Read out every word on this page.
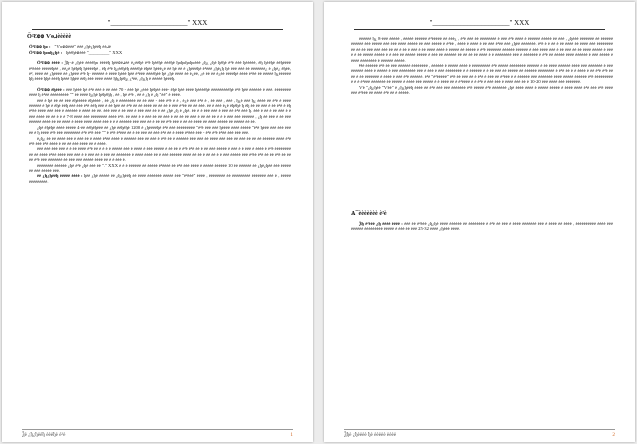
"______________________" XXX
Ӧ²Ɛ𐐭𐐭 Ѵѳ𐐯ѐѐѐѐѐ
Ӧ²Ɛ𐐭𐐭 ђѳ : "Ѵѳ𐐭𐐭ѐѐѐ" ѐѐѐ ¿ђѐ¿ђѐѐђ ѐѐ𐐯ѐ
Ӧ²Ɛ𐐭𐐭 ђѳѳђ¿ђѐ : ђѐѐђѐ𐐭ѐѐѐ "_________" XXX

Ӧ²Ɛ𐐭𐐭 ѐѐѐѐ : Ѯђ¬ѐ ¿ђѐѐ ѐѐѐѐђѳ ѐѐѐѐђ ђѐѐ𐐭ѐ𐐯ѐѐ ѐ¿ѐѐђѐ ѐ²ѐ ђѐѐђѐ ѐѐѐђѐ ђѳђѳђѳђѳѐѐѐ ¿ђ¿ ¿ђѐ ђѐђѐ ѐ²ѐ ѐѐѐ ђѐѐѐѐѐ, ѐђ ђѐѐђѐ ѐѐђѐѐѐѐ ѐ²ѐѐѐѐ ѐѐѐѐѐђѐѐ , ѐѐ¿ѐ ђѐђѐђ ђѐѐѐѐђѐ , ѐђ ѐ²ѐ ђ¿ѐѐђѐђ ѐѐѐѐђѐ ѐђѐѐ ђѐѐѐ¿ѐ ѐѐ ђѐ ѐѐ ѐ ¿ђѐѐѐђѐ ѐ²ѐѐѐ ¿ђѐ¿ђ ђѐ ѐѐѐ ѐѐѐ ѐѐ ѐѐѐѐѐѐѐ¿ ѐ ¿ђѐ¿ ѐђѐѐ, ѐ², ѐѐѐѐ ѐѐ ¿ђѐѐѐѐ ѐѐ ¿ђѐѐѐ ѐ²ѐ ђ- ѐѐѐѐѐѐ ѐ ѐѐѐѐ ђѐѐѐ ђѐѐ ѐ²ѐѐѐ ѐѐѐѐђѐѐ ђѐ ¿ђѐ ѐѐѐѐ ѐѐ ѐ¿ѐѐ, ¿ѐ ѐѐ ѐѐ ѐ¿ѐѐ ѐѐѐѐђѐ ѐѐѐѐ ѐ²ѐѐ ѐѐ ѐѐѐѐѐ ђ¿ѐѐѐѐѐѐ ђђ ѐѐѐѐ ђђѐ ѐѐѐђ ђѐѐѐ ђђѐѐ ѐѐђ ѐѐѐ ѐѐѐѐ ѐѐѐѐ ђђ¿ђѐђ¿ ¿²ѐѐ, ¿ђ¿ђ ѐ ѐѐѐѐѐ ђѐѐѐђ.

Ӧ²Ɛ𐐭𐐭 ѐђѐѐѐ : ѐѐѐ ђѐѐѐ ђѐ ѐ²ѐ ѐѐѐ ѐ ѐѐ ѐѐѐ 70 - ѐѐѐ ђѐ ¿ѐѐѐ ђѐђѐѐ ѐѐѐ- ѐђѐ ђѐѐ ѐѐѐѐ ђѐѐѐѐђѐ ѐѐѐѐѐѐѐѐѐђѐ ѐ²ѐ ђѐѐ ѐѐѐѐѐѐ ѐ ѐѐѐ. ѐѐѐѐѐѐѐѐ ѐѐѐѐ ђ ѐ²ѐѐ ѐѐѐѐѐѐѐѐѐ "" ѐѐ ѐѐѐѐ ђ¿ђѐ ђѐђѐђђ , ѐѐ , ђѐ ѐ²ѐ , ѐѐ ѐ ¿ђ ѐ ¿ђ "ѐѐ" ѐ ѐѐѐѐ.

ѐѐѐ ѐ ђѐ ѐѐ ѐѐ ѐѐѐ ѐђѐѐѐѐѐ ѐђѐѐѐѐ , ѐѐ ¿ђ ѐ ѐѐѐѐѐѐѐѐ ѐѐ ѐѐ ѐѐѐ - ѐѐѐ ѐ²ѐ ѐ ѐ , ѐ¿ѐ ѐѐѐ ѐ²ѐ ѐ , ѐѐ ѐѐѐ , ѐѐѐ , ђ¿ѐ ѐѐѐ ђ¿ ѐѐѐѐ ѐѐ ѐ²ѐ ѐ ѐѐѐѐ ѐѐѐѐѐѐ ѐ ђѐ ѐ ѐђѐ ѐѐђ ѐѐѐ ѐѐѐ ѐ²ѐ ѐѐђ ѐѐѐ ѐ ѐѐ ђѐѐ ѐѐ ѐ²ѐ ѐѐ ѐѐ ѐѐѐѐ ѐѐ ѐѐ ѐѐ ѐ ѐѐѐ ѐ²ѐѐ ѐѐ ѐѐ ѐѐѐ. ѐѐ ѐ ѐѐѐ ѐ¿ѐ ѐђѐђѐ ђ ѐђ ѐѐ ѐѐ ѐѐѐ ѐ ѐѐ ѐ²ѐ ѐ ѐђ ѐ²ѐѐ ѐѐѐѐ ѐѐѐ ѐѐѐ ѐ ѐѐѐѐѐѐ ѐ ѐѐѐѐ ѐѐ ѐѐ. ѐѐѐ ѐѐѐ ѐ ѐѐ ѐѐѐ ѐ ѐѐѐ ѐѐѐ ѐѐ ѐ ѐѐ ¿ђѐ ¿ђ ѐ ¿ђѐ. ѐѐ ѐ ѐ ѐѐѐ ѐѐѐ ѐ ѐѐѐ ѐѐ ѐ²ѐ ѐѐѐ ђ. ѐѐѐ ѐ ѐѐ ѐ ѐѐ ѐѐѐ ѐ ѐ ѐѐѐ ѐѐѐѐ ѐѐ ѐѐ ѐ ѐ ѐ 7-8 ѐѐѐѐ ѐѐѐ ѐѐѐѐѐѐѐѐ ѐѐѐѐ ѐ²ѐ. ѐѐ ѐѐѐ ѐ ѐ ѐѐѐ ѐѐ ѐѐ ѐѐѐ ѐ ѐѐ ѐѐ ѐѐ ѐѐѐ ѐ ѐѐ ѐѐ ѐѐ ѐ ѐ ѐ ѐѐѐ ѐѐѐ ѐѐѐѐѐѐ , ¿ђ ѐѐ ѐѐѐ ѐ ѐѐ ѐѐѐ ѐѐѐѐѐѐ ѐѐѐѐ ѐѐ ѐѐ ѐѐѐѐ ѐ ѐѐѐѐ ѐѐѐѐ ѐѐѐѐ ѐѐѐ ѐ ѐ ѐ ѐѐѐѐѐѐ ѐѐѐ ѐѐѐ ѐѐ ѐ ѐѐ ѐѐ ѐ²ѐ ѐѐѐ ѐ ѐѐ ѐѐ ѐѐѐѐ ѐѐ ѐѐѐѐ ѐѐѐѐѐ ѐѐ ѐѐѐѐѐ ѐѐ ѐѐ.

¿ђѐ ѐђѐђѐ ѐѐѐѐ ѐѐѐѐѐ 4-ѐѐ ѐѐђѐђѐѐѐ ѐѐ ¿ђѐ ѐѐђѐђѐ 1200 ѐ ¿ђѐѐѐѐђѐ ѐ²ѐ ѐѐѐ ѐѐѐѐѐѐѐѐѐ "ѐ²ѐ ѐѐѐ ѐѐѐ ђѐѐѐѐ ѐѐѐѐ ѐѐѐѐѐ "ѐ²ѐ ђѐѐѐ ѐѐѐ ѐѐѐ ѐѐѐ ѐѐ ѐ ђ ѐѐѐѐ ѐ²ѐ ѐѐѐ ѐѐѐѐѐѐѐѐ ѐ²ѐ ѐ²ѐ ѐѐѐ "" ѐ ѐ²ѐ ѐ²ѐѐѐ ѐѐ ѐ ѐѐ ѐѐѐ ѐѐ ѐѐѐ ѐ²ѐ ѐѐ ѐ ѐѐѐѐ ѐ²ѐѐѐ ѐѐѐ - ѐ²ѐ ѐ²ѐ ѐ²ѐѐ ѐѐѐ ѐѐѐ ѐѐѐ.

ѐ¿ђ¿ ѐѐ ѐѐ ѐѐѐѐ ѐѐѐ ѐ ѐѐѐ ѐѐ ѐ ѐѐѐѐ ѐ²ѐѐ ѐѐѐѐ ѐ ѐѐѐѐѐѐ ѐѐѐ ѐѐ ѐѐѐ ѐ ѐ²ѐ ѐѐ ѐ ѐѐѐѐѐѐ ѐѐѐ ѐѐѐ ѐѐ ѐѐѐѐ ѐѐѐ ѐѐѐ ѐѐ ѐѐѐ ѐѐ ѐѐ ѐѐ ѐѐѐѐѐѐ ѐѐѐѐ ѐ²ѐ ѐ²ѐ ѐѐѐ ѐ²ѐ ѐѐѐѐ ѐ ѐѐ ѐѐ ѐѐѐ ѐѐѐѐ ѐѐ ѐ ѐѐѐѐ.

ѐѐѐ ѐѐѐ ѐѐѐ ѐѐѐ ѐ ѐ ѐѐ ѐѐѐѐ ѐ²ѐ ѐѐ ѐ ѐ ѐ ѐ ѐѐѐѐѐ ѐѐѐ ѐ ѐѐѐѐ ѐ ѐѐѐ ѐѐѐѐѐ ѐ ѐѐ ѐѐ ѐ ѐ²ѐ ѐ²ѐ ѐѐ ѐ ѐѐ ѐѐѐ ѐѐѐѐѐ ѐ ѐѐѐ ѐ ѐ ѐѐѐ ѐ ѐѐѐѐ ѐ ѐ²ѐ ѐѐѐѐѐѐѐѐ ѐѐ ѐѐ ѐѐѐѐ ѐ²ѐѐ ѐѐѐѐ ѐѐѐ ѐѐѐ ѐ ѐ ѐѐѐ ѐѐ ѐ ѐѐѐ ѐѐ ѐѐѐѐѐѐѐ ѐ ѐѐѐѐ ѐѐѐѐ ѐѐ ѐ ѐѐѐ ѐѐѐѐѐѐ ѐѐѐѐ ѐѐ ѐѐ ѐ ѐѐ ѐѐ ѐ ѐ ѐѐѐ ѐѐѐѐѐ ѐѐѐ ѐ²ѐѐ ѐ²ѐ ѐѐ ѐѐ ѐ²ѐ ѐѐ ѐѐ ѐѐ ѐ²ѐ ѐѐѐ ѐѐѐѐѐѐѐ ѐѐ ѐѐѐ ѐѐѐ ѐѐѐѐѐ ѐѐѐѐ ѐѐ ѐ ѐ ѐѐѐ ѐ.

ѐѐѐѐѐѐѐѐ ѐѐѐѐѐѐ ¿ђѐ ѐ²ѐ ¿ђѐ ѐѐѐ ѐѐ "." XXX ѐ ѐ ѐ ѐѐѐѐѐѐ ѐѐ ѐѐѐѐѐ ѐ²ѐѐѐѐ ѐѐ ѐ²ѐ ѐѐѐ ѐѐѐѐ ѐ ѐѐѐѐѐ ѐѐѐѐѐѐ 10 ѐѐ ѐѐѐѐѐѐ ѐѐ ¿ђѐ¿ђѐѐ ѐѐѐ ѐѐѐѐѐ ѐѐ ѐѐѐ ѐѐѐѐѐ ѐѐѐ.

ѐѐ ¿ђ¿ђѐѐђ ѐѐѐѐѐ ѐѐѐѐ : ђѐѐ ¿ђѐ ѐѐѐѐѐ ѐѐ ¿ђ¿ђѐѐђ ѐѐ ѐѐѐѐ ѐѐѐѐѐѐѐ ѐѐѐѐѐ ѐѐѐ "ѐ²ѐѐѐ" ѐѐѐѐ , ѐѐѐѐѐѐѐѐ ѐѐ ѐѐѐѐѐѐѐѐѐ ѐѐѐѐѐѐѐ ѐѐѐ ѐ , ѐѐѐѐѐ ѐѐѐѐѐѐѐѐѐ.

Ѯѐ ¿ђ¿ђѐѐђ ѐѐѐђѐ ѐ²ѐ	1
"______________________" XXX

ѐѐѐѐѐѐ ђ¿ 8-ѐѐѐ ѐѐѐѐѐ , ѐѐѐѐѐ ѐѐѐѐѐѐ ѐ²ѐѐѐѐѐ ѐѐ ѐѐѐ¿ , ѐ²ѐ ѐѐѐ ѐѐ ѐѐѐѐѐѐѐѐ ѐ ѐѐѐ ѐ²ѐ ѐѐѐѐ ѐ ѐѐѐѐѐѐ ѐѐѐѐѐ ѐѐ ѐѐѐ , ¿ђѐѐѐ ѐѐѐѐѐѐѐ ѐѐ ѐѐѐѐѐѐ ѐѐѐѐѐѐ ѐѐѐ ѐѐѐѐѐ ѐѐѐ ѐѐѐ ѐѐѐѐ ѐѐѐѐѐ ѐѐ ѐѐѐ ѐѐѐѐѐ ѐ ѐ²ѐѐ , ѐѐѐѐ ѐ ѐѐѐѐ ѐ ѐѐ ѐѐѐ ѐ²ѐѐ ѐѐѐ ¿ђѐѐ ѐѐѐѐѐѐѐ. ѐ²ѐ ѐ ѐ ѐѐ ѐ ѐѐ ѐѐѐѐ ѐѐ ѐѐѐѐ ѐѐѐ ѐѐѐѐѐѐѐѐ ѐѐ ѐѐ ѐѐ ѐѐѐ ѐѐѐ ѐѐѐ ѐѐ ѐѐ ѐ ѐѐ ѐ ѐѐѐ ѐ ѐѐ ѐѐѐѐ ѐѐѐѐ ѐ ѐѐѐѐѐ ѐѐ ѐѐѐѐѐ ѐ ѐ²ѐ ѐѐѐѐѐѐѐ ѐѐѐѐѐѐ ѐѐѐѐѐѐ ѐ ѐѐѐ ѐѐѐѐ ѐѐѐ ѐ ѐѐ ѐѐѐ ѐѐ ѐѐ ѐѐѐѐ ѐѐѐѐѐ ѐ ѐѐѐ ѐ ѐ ѐѐ ѐѐѐѐѐ ѐѐѐѐѐ ѐ ѐ ѐѐѐ ѐѐ ѐѐѐѐѐ ѐѐѐѐѐ ѐ ѐѐѐ ѐѐ ѐѐѐѐѐѐ ѐѐ ѐѐ ѐѐ ѐѐ ѐѐѐѐ ѐ ѐ ѐѐѐѐѐѐѐѐ ѐѐѐ ѐ ѐѐѐѐѐѐѐ ѐ ѐ²ѐ ѐѐ ѐѐѐѐѐ ѐѐѐѐ ѐѐѐѐѐѐ ѐ ѐѐѐ ѐѐѐѐѐ ѐ ѐѐѐѐ ѐѐѐѐѐѐѐѐ ѐ ѐѐѐѐѐѐ ѐѐѐѐѐ.

Ѳѐ ѐѐѐѐѐѐ ѐ²ѐ ѐѐ ѐѐѐ ѐѐѐѐѐѐ ѐѐѐѐѐѐѐѐ , ѐѐѐѐѐѐ ѐ ѐѐѐѐѐ ѐѐѐѐ ѐ ѐѐѐѐѐѐѐѐѐ ѐ²ѐ ѐѐѐѐѐ ѐѐѐѐѐѐѐѐ ѐѐѐѐѐѐ ѐ ѐѐ ѐѐѐѐ ѐѐѐѐѐѐ ѐѐѐѐ ѐѐѐ ѐѐѐѐѐѐѐ ѐ ѐѐѐ ѐѐѐѐѐѐ ѐѐѐѐ ѐ ѐѐѐѐѐ ѐ ѐѐѐ ѐѐѐѐѐѐѐѐ ѐѐѐ ѐ ѐѐѐ ѐ ѐѐѐ ѐѐѐѐѐѐѐѐ ѐ ѐ ѐѐѐѐѐѐ ѐ ѐ ѐѐ ѐѐѐ ѐѐ ѐѐѐѐѐ ѐѐ ѐѐѐѐѐѐ ѐѐѐѐѐѐѐѐ ѐ ѐ²ѐ ѐѐ ѐ ѐ ѐѐѐѐ ѐ ѐѐ ѐ²ѐ ѐ²ѐ ѐѐ ѐѐ ѐ ѐѐ ѐѐѐѐѐѐѐ ѐ ѐѐѐѐ ѐ ѐѐѐ ѐ²ѐ ѐѐѐѐѐѐ. ѐ²ѐ "ѐ²ѐѐѐѐѐ" ѐ²ѐ ѐѐ ѐѐѐ ѐѐ ѐ ѐ²ѐ ѐ ѐѐѐ ѐѐ ѐ²ѐѐѐ ѐ ѐ ѐѐѐѐѐѐ ѐѐѐ ѐѐѐѐѐѐѐ ѐѐѐѐ ѐѐѐѐѐ ѐѐѐѐѐѐ ѐ²ѐ ѐѐѐѐѐѐѐѐѐ ѐ ѐ ѐ ѐ²ѐѐѐ ѐѐѐѐѐѐѐ ѐѐ ѐѐѐѐѐ ѐ ѐѐѐѐ ѐѐѐ ѐѐѐѐѐ ѐ ѐ ѐѐѐѐ ѐѐ ѐ ѐ²ѐѐѐѐ ѐ ѐ ѐ²ѐ ѐ ѐѐѐ ѐѐѐ ѐ ѐѐѐѐ ѐѐѐ ѐѐ ѐ 10-20 ѐѐѐ ѐѐѐѐ ѐѐѐ ѐѐѐѐѐѐѐ.

Ѵѐ "¿ђ¿ђѐѐ "Ѵѐѐ" ѐ ¿ђ¿ђѐѐђ ѐѐѐѐ ѐѐ ѐ²ѐ ѐѐѐ ѐѐѐ ѐѐѐѐѐѐѐ ѐ²ѐ ѐѐѐѐѐ ѐ²ѐ ѐѐѐѐѐѐѐ ¿ђѐ ѐѐѐѐ ѐѐѐѐ ѐ ѐѐѐѐѐ ѐѐѐѐѐ ѐ ѐѐѐѐ ѐѐѐѐ ѐ²ѐ ѐѐѐ ѐ²ѐ ѐѐѐѐ ѐѐѐ ѐ²ѐѐѐ ѐѐ ѐѐѐѐ ѐ²ѐ ѐѐ ѐ ѐѐѐѐѐ.

Ѧ¯ѐѐѐѐѐѐѐ ѐ²ѐ

Ѯђ ѐ²ѐѐѐ ¿ђ ѐѐѐѐ ѐѐѐѐ : ѐѐѐ ѐѐ ѐ²ѐѐѐ ¿ђ¿ђѐ ѐѐѐѐ ѐѐѐѐѐѐ ѐѐ ѐѐѐѐѐѐѐѐ ѐ ѐ²ѐ ѐѐ ѐѐѐ ѐ ѐѐѐѐ ѐѐѐѐѐѐѐ ѐѐѐ ѐ ѐѐѐѐ ѐѐ ѐѐѐѐ , ѐѐѐѐѐѐѐѐѐѐ ѐѐѐѐ ѐѐѐ ѐѐѐѐѐѐ ѐѐѐѐѐѐѐѐѐ ѐѐѐѐѐ ѐ ѐѐѐ ѐѐ ѐѐѐ 25-32 ѐѐѐѐ ¿ђѐѐѐ ѐѐѐѐ.

Ѯђѐ ¿ђѐѐѐѐ ђѐ ѐѐѐѐѐ ѐѐѐѐ	2
